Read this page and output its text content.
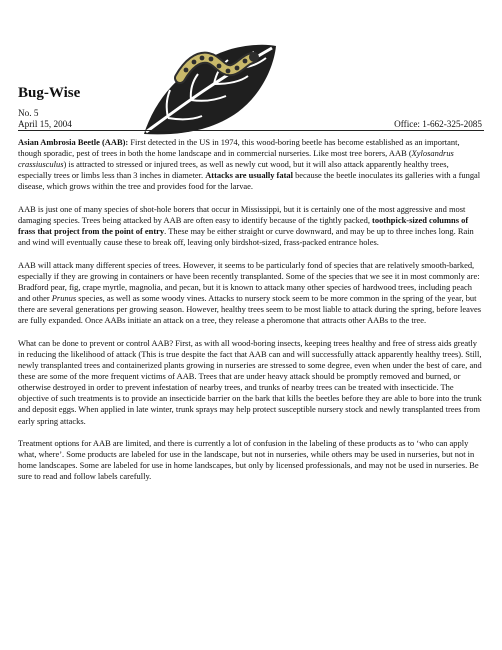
Bug-Wise
No. 5
April 15, 2004	Office: 1-662-325-2085

Asian Ambrosia Beetle (AAB): First detected in the US in 1974, this wood-boring beetle has become established as an important, though sporadic, pest of trees in both the home landscape and in commercial nurseries. Like most tree borers, AAB (Xylosandrus crassiusculus) is attracted to stressed or injured trees, as well as newly cut wood, but it will also attack apparently healthy trees, especially trees or limbs less than 3 inches in diameter. Attacks are usually fatal because the beetle inoculates its galleries with a fungal disease, which grows within the tree and provides food for the larvae.

AAB is just one of many species of shot-hole borers that occur in Mississippi, but it is certainly one of the most aggressive and most damaging species. Trees being attacked by AAB are often easy to identify because of the tightly packed, toothpick-sized columns of frass that project from the point of entry. These may be either straight or curve downward, and may be up to three inches long. Rain and wind will eventually cause these to break off, leaving only birdshot-sized, frass-packed entrance holes.

AAB will attack many different species of trees. However, it seems to be particularly fond of species that are relatively smooth-barked, especially if they are growing in containers or have been recently transplanted. Some of the species that we see it in most commonly are: Bradford pear, fig, crape myrtle, magnolia, and pecan, but it is known to attack many other species of hardwood trees, including peach and other Prunus species, as well as some woody vines. Attacks to nursery stock seem to be more common in the spring of the year, but there are several generations per growing season. However, healthy trees seem to be most liable to attack during the spring, before leaves are fully expanded. Once AABs initiate an attack on a tree, they release a pheromone that attracts other AABs to the tree.

What can be done to prevent or control AAB? First, as with all wood-boring insects, keeping trees healthy and free of stress aids greatly in reducing the likelihood of attack (This is true despite the fact that AAB can and will successfully attack apparently healthy trees). Still, newly transplanted trees and containerized plants growing in nurseries are stressed to some degree, even when under the best of care, and these are some of the more frequent victims of AAB. Trees that are under heavy attack should be promptly removed and burned, or otherwise destroyed in order to prevent infestation of nearby trees, and trunks of nearby trees can be treated with insecticide. The objective of such treatments is to provide an insecticide barrier on the bark that kills the beetles before they are able to bore into the trunk and deposit eggs. When applied in late winter, trunk sprays may help protect susceptible nursery stock and newly transplanted trees from early spring attacks.

Treatment options for AAB are limited, and there is currently a lot of confusion in the labeling of these products as to ‘who can apply what, where’. Some products are labeled for use in the landscape, but not in nurseries, while others may be used in nurseries, but not in home landscapes. Some are labeled for use in home landscapes, but only by licensed professionals, and may not be used in nurseries. Be sure to read and follow labels carefully.
